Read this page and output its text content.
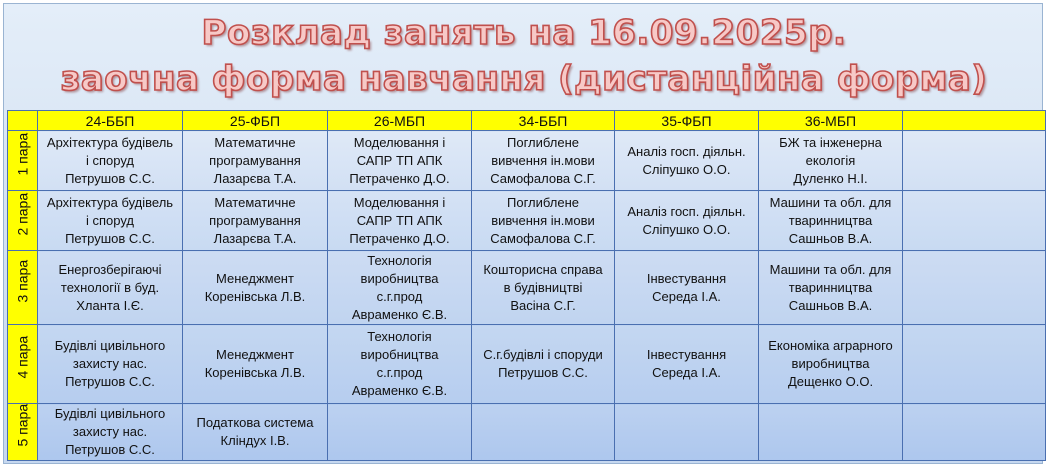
Розклад занять на 16.09.2025р.
заочна форма навчання (дистанційна форма)
	24-ББП	25-ФБП	26-МБП	34-ББП	35-ФБП	36-МБП	

1 пара	Архітектура будівель
і споруд
Петрушов С.С.	Математичне
програмування
Лазарєва Т.А.	Моделювання і
САПР ТП АПК
Петраченко Д.О.	Поглиблене
вивчення ін.мови
Самофалова С.Г.	Аналіз госп. діяльн.
Сліпушко О.О.	БЖ та інженерна
екологія
Дуленко Н.І.	

2 пара	Архітектура будівель
і споруд
Петрушов С.С.	Математичне
програмування
Лазарєва Т.А.	Моделювання і
САПР ТП АПК
Петраченко Д.О.	Поглиблене
вивчення ін.мови
Самофалова С.Г.	Аналіз госп. діяльн.
Сліпушко О.О.	Машини та обл. для
тваринництва
Сашньов В.А.	

3 пара	Енергозберігаючі
технології в буд.
Хланта І.Є.	Менеджмент
Коренівська Л.В.	Технологія
виробництва
с.г.прод
Авраменко Є.В.	Кошторисна справа
в будівництві
Васіна С.Г.	Інвестування
Середа І.А.	Машини та обл. для
тваринництва
Сашньов В.А.	

4 пара	Будівлі цивільного
захисту нас.
Петрушов С.С.	Менеджмент
Коренівська Л.В.	Технологія
виробництва
с.г.прод
Авраменко Є.В.	С.г.будівлі і споруди
Петрушов С.С.	Інвестування
Середа І.А.	Економіка аграрного
виробництва
Дещенко О.О.	

5 пара	Будівлі цивільного
захисту нас.
Петрушов С.С.	Податкова система
Кліндух І.В.					
